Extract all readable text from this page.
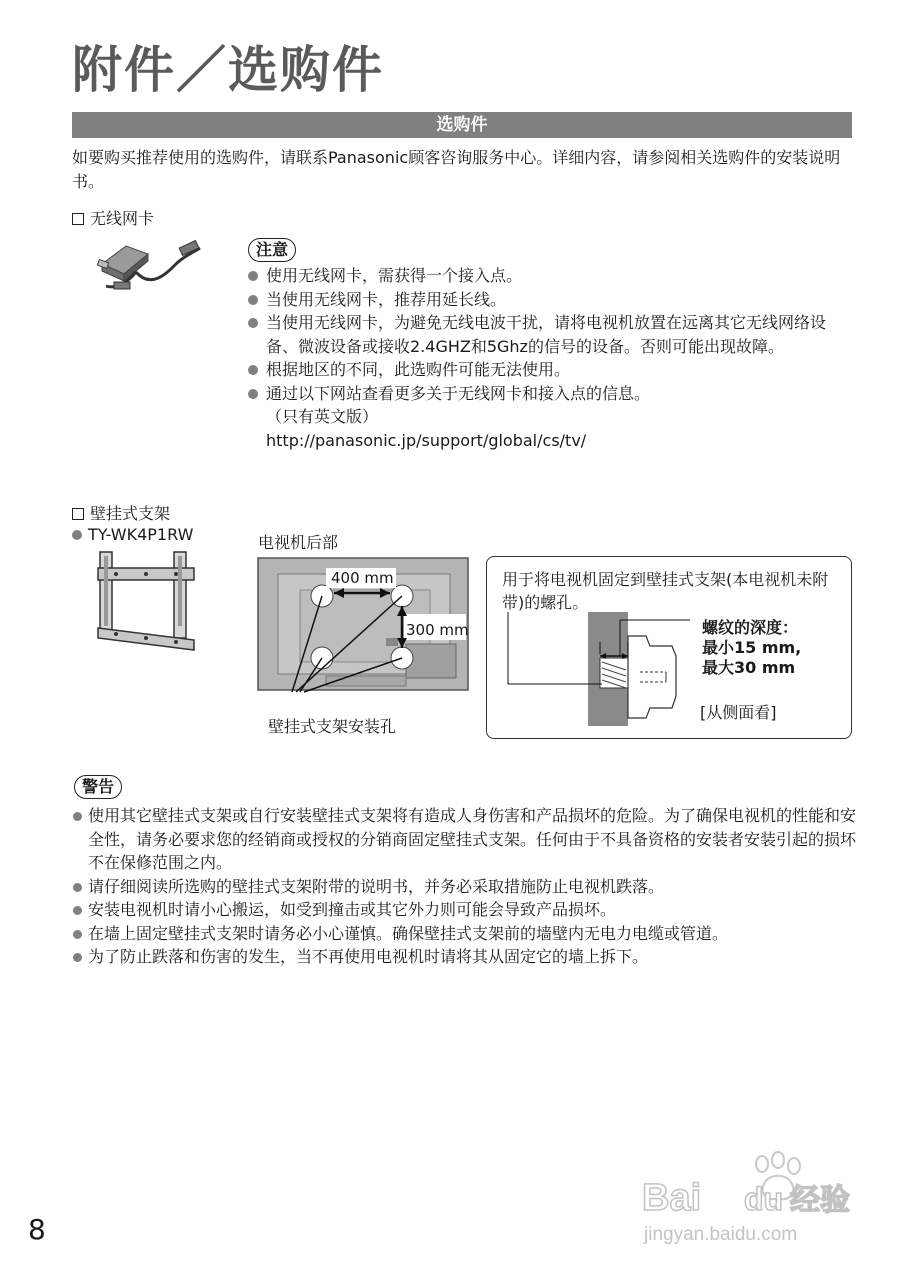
附件／选购件
选购件
如要购买推荐使用的选购件，请联系Panasonic顾客咨询服务中心。详细内容，请参阅相关选购件的安装说明书。
无线网卡
注意
使用无线网卡，需获得一个接入点。
当使用无线网卡，推荐用延长线。
当使用无线网卡，为避免无线电波干扰，请将电视机放置在远离其它无线网络设备、微波设备或接收2.4GHZ和5Ghz的信号的设备。否则可能出现故障。
根据地区的不同，此选购件可能无法使用。
通过以下网站查看更多关于无线网卡和接入点的信息。
（只有英文版）
http://panasonic.jp/support/global/cs/tv/
壁挂式支架
TY-WK4P1RW	电视机后部
400 mm
300 mm
壁挂式支架安装孔
用于将电视机固定到壁挂式支架(本电视机未附带)的螺孔。
螺纹的深度：
最小15 mm,
最大30 mm
[从侧面看]
警告
使用其它壁挂式支架或自行安装壁挂式支架将有造成人身伤害和产品损坏的危险。为了确保电视机的性能和安全性，请务必要求您的经销商或授权的分销商固定壁挂式支架。任何由于不具备资格的安装者安装引起的损坏不在保修范围之内。
请仔细阅读所选购的壁挂式支架附带的说明书，并务必采取措施防止电视机跌落。
安装电视机时请小心搬运，如受到撞击或其它外力则可能会导致产品损坏。
在墙上固定壁挂式支架时请务必小心谨慎。确保壁挂式支架前的墙壁内无电力电缆或管道。
为了防止跌落和伤害的发生，当不再使用电视机时请将其从固定它的墙上拆下。
Bai du 经验
jingyan.baidu.com
8
